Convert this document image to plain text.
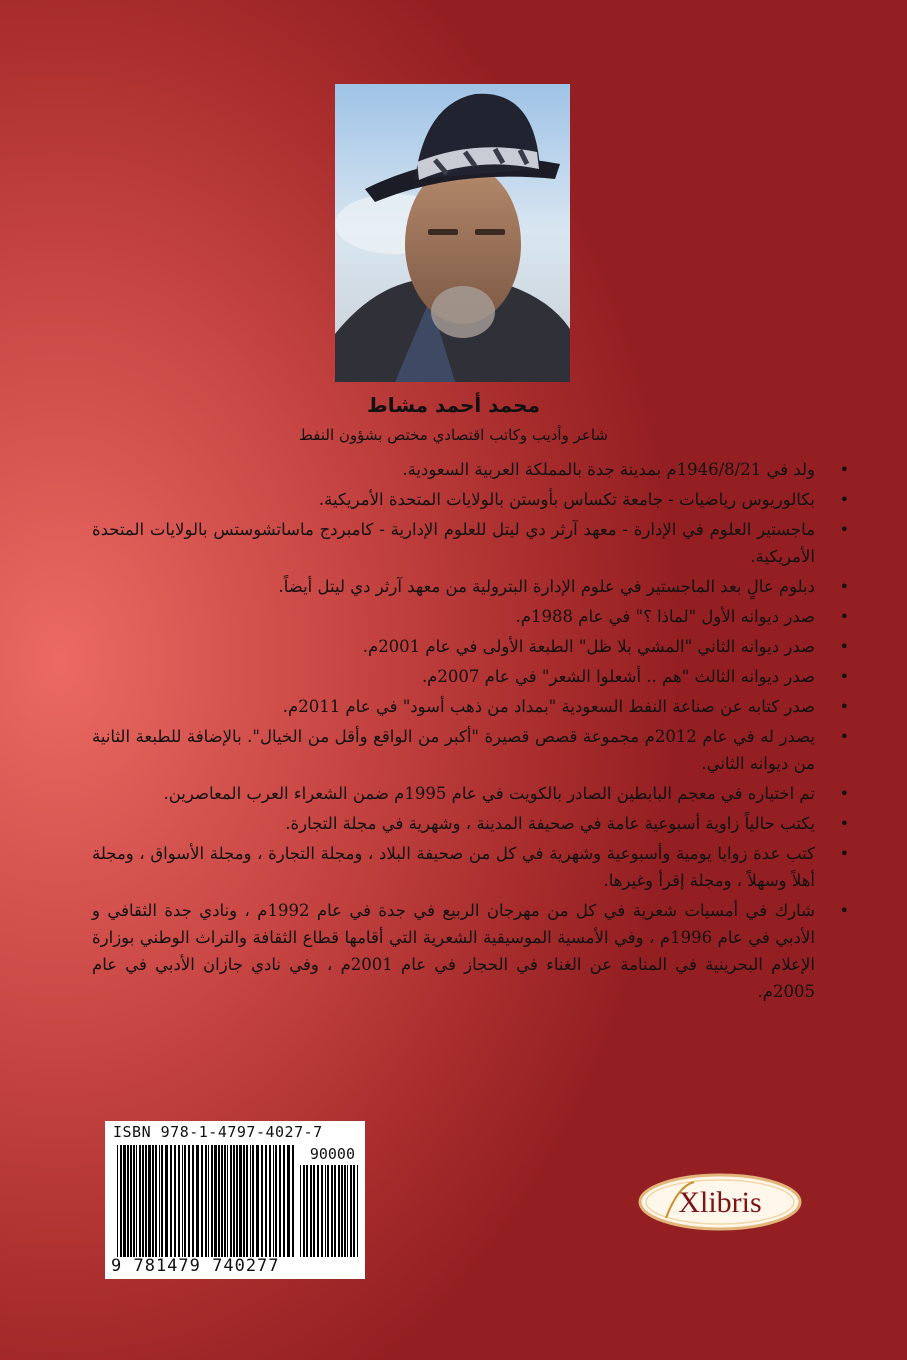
محمد أحمد مشاط

شاعر وأديب وكاتب اقتصادي مختص بشؤون النفط

•
ولد في 1946/8/21م بمدينة جدة بالمملكة العربية السعودية.
•
بكالوريوس رياضيات - جامعة تكساس بأوستن بالولايات المتحدة الأمريكية.
•
ماجستير العلوم في الإدارة - معهد آرثر دي ليتل للعلوم الإدارية - كامبردج ماساتشوستس بالولايات المتحدة الأمريكية.
•
دبلوم عالٍ بعد الماجستير في علوم الإدارة البترولية من معهد آرثر دي ليتل أيضاً.
•
صدر ديوانه الأول "لماذا ؟" في عام 1988م.
•
صدر ديوانه الثاني "المشي بلا ظل" الطبعة الأولى في عام 2001م.
•
صدر ديوانه الثالث "هم .. أشعلوا الشعر" في عام 2007م.
•
صدر كتابه عن صناعة النفط السعودية "بمداد من ذهب أسود" في عام 2011م.
•
يصدر له في عام 2012م مجموعة قصص قصيرة "أكبر من الواقع وأقل من الخيال". بالإضافة للطبعة الثانية من ديوانه الثاني.
•
تم اختياره في معجم البابطين الصادر بالكويت في عام 1995م ضمن الشعراء العرب المعاصرين.
•
يكتب حالياً زاوية أسبوعية عامة في صحيفة المدينة ، وشهرية في مجلة التجارة.
•
كتب عدة زوايا يومية وأسبوعية وشهرية في كل من صحيفة البلاد ، ومجلة التجارة ، ومجلة الأسواق ، ومجلة أهلاً وسهلاً ، ومجلة إقرأ وغيرها.
•
شارك في أمسيات شعرية في كل من مهرجان الربيع في جدة في عام 1992م ، ونادي جدة الثقافي و الأدبي في عام 1996م ، وفي الأمسية الموسيقية الشعرية التي أقامها قطاع الثقافة والتراث الوطني بوزارة الإعلام البحرينية في المنامة عن الغناء في الحجاز في عام 2001م ، وفي نادي جازان الأدبي في عام 2005م.

ISBN 978-1-4797-4027-7

90000

9 781479 740277

Xlibris
